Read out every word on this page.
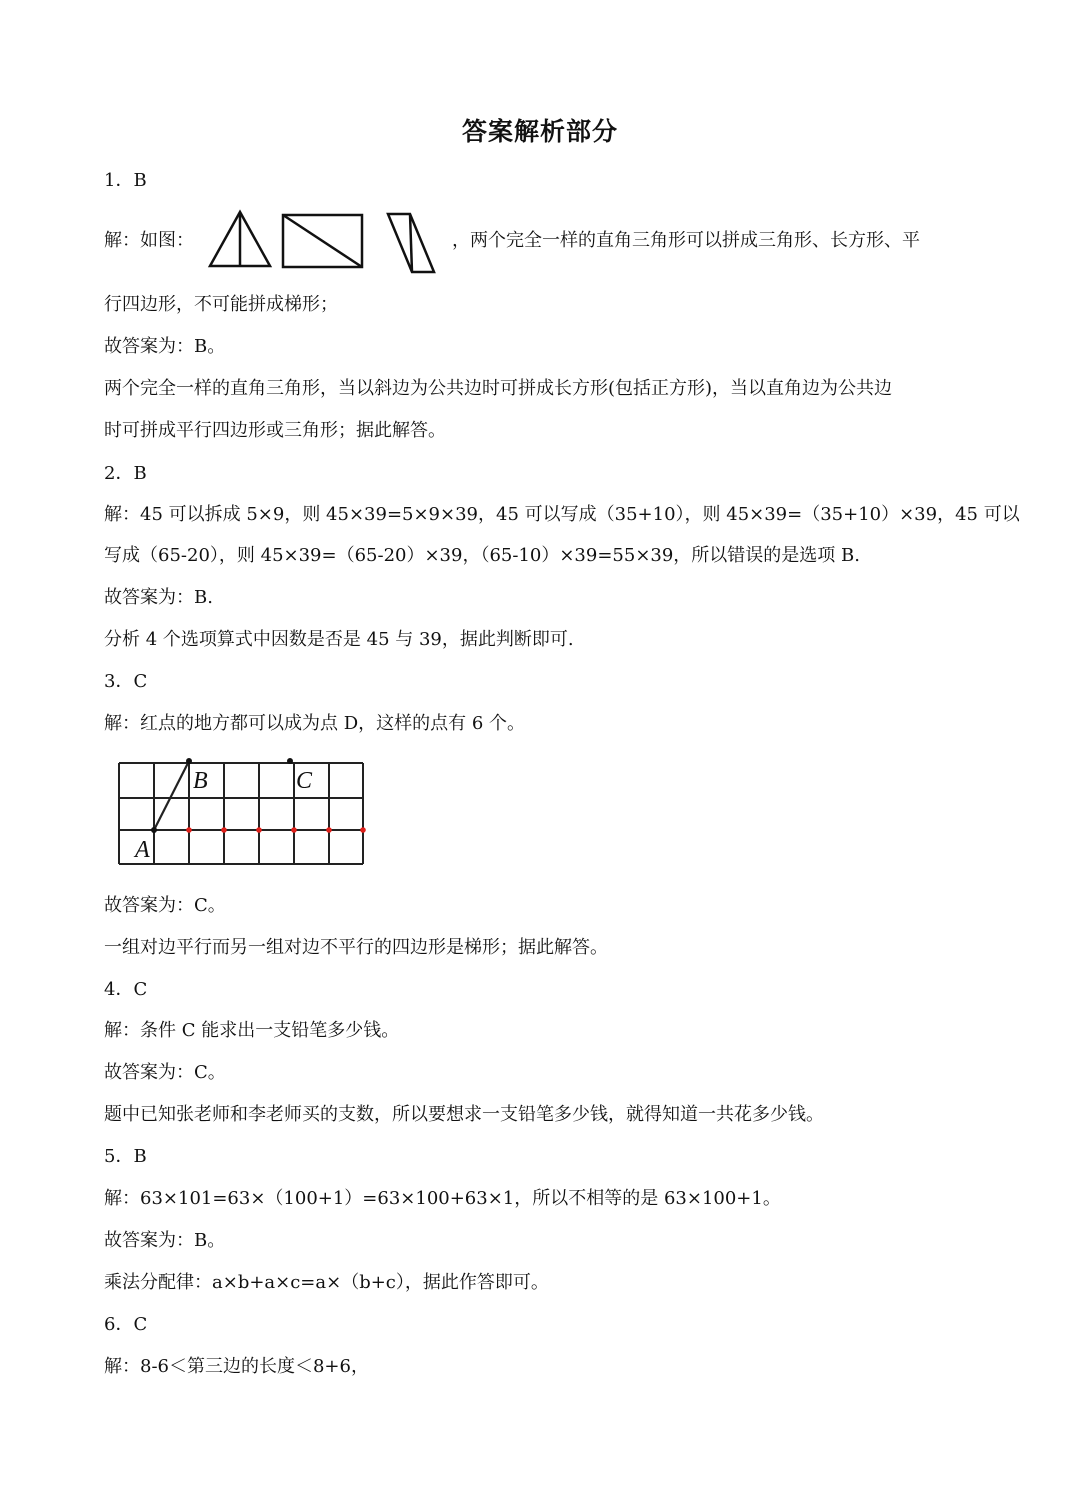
答案解析部分
1．B
解：如图：	，两个完全一样的直角三角形可以拼成三角形、长方形、平
行四边形，不可能拼成梯形；
故答案为：B。
两个完全一样的直角三角形，当以斜边为公共边时可拼成长方形(包括正方形)，当以直角边为公共边
时可拼成平行四边形或三角形；据此解答。
2．B
解：45 可以拆成 5×9，则 45×39=5×9×39，45 可以写成（35+10），则 45×39=（35+10）×39，45 可以
写成（65-20），则 45×39=（65-20）×39，（65-10）×39=55×39，所以错误的是选项 B.
故答案为：B.
分析 4 个选项算式中因数是否是 45 与 39，据此判断即可.
3．C
解：红点的地方都可以成为点 D，这样的点有 6 个。
A
B	C
故答案为：C。
一组对边平行而另一组对边不平行的四边形是梯形；据此解答。
4．C
解：条件 C 能求出一支铅笔多少钱。
故答案为：C。
题中已知张老师和李老师买的支数，所以要想求一支铅笔多少钱，就得知道一共花多少钱。
5．B
解：63×101=63×（100+1）=63×100+63×1，所以不相等的是 63×100+1。
故答案为：B。
乘法分配律：a×b+a×c=a×（b+c），据此作答即可。
6．C
解：8-6＜第三边的长度＜8+6，
